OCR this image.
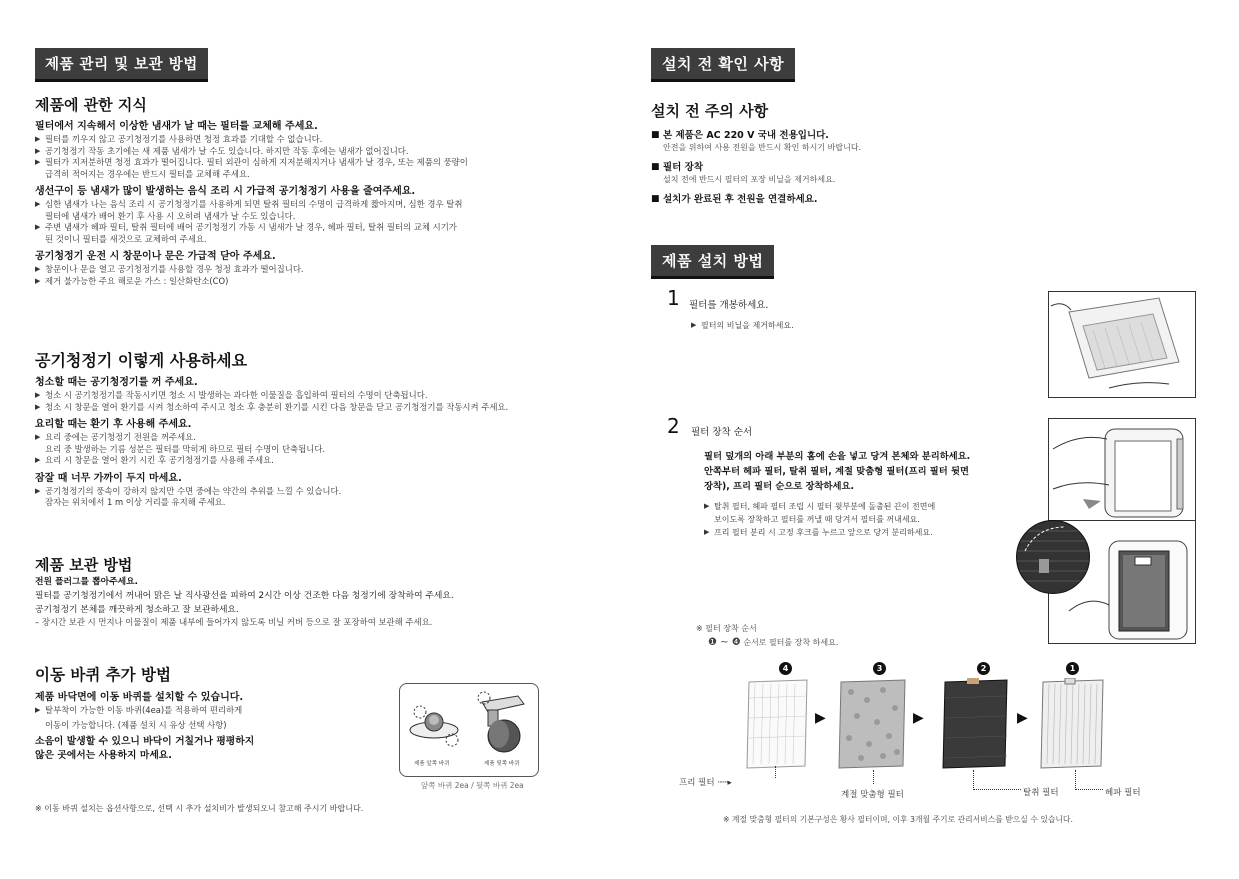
제품 관리 및 보관 방법
제품에 관한 지식
필터에서 지속해서 이상한 냄새가 날 때는 필터를 교체해 주세요.
▶ 필터를 끼우지 않고 공기청정기를 사용하면 청정 효과를 기대할 수 없습니다.
▶ 공기청정기 작동 초기에는 새 제품 냄새가 날 수도 있습니다. 하지만 작동 후에는 냄새가 없어집니다.
▶ 필터가 지저분하면 청정 효과가 떨어집니다. 필터 외관이 심하게 지저분해지거나 냄새가 날 경우, 또는 제품의 풍량이
급격히 적어지는 경우에는 반드시 필터를 교체해 주세요.
생선구이 등 냄새가 많이 발생하는 음식 조리 시 가급적 공기청정기 사용을 줄여주세요.
▶ 심한 냄새가 나는 음식 조리 시 공기청정기를 사용하게 되면 탈취 필터의 수명이 급격하게 짧아지며, 심한 경우 탈취
필터에 냄새가 배어 환기 후 사용 시 오히려 냄새가 날 수도 있습니다.
▶ 주변 냄새가 헤파 필터, 탈취 필터에 배어 공기청정기 가동 시 냄새가 날 경우, 헤파 필터, 탈취 필터의 교체 시기가
된 것이니 필터를 새것으로 교체하여 주세요.
공기청정기 운전 시 창문이나 문은 가급적 닫아 주세요.
▶ 창문이나 문을 열고 공기청정기를 사용할 경우 청정 효과가 떨어집니다.
▶ 제거 불가능한 주요 해로운 가스 : 일산화탄소(CO)
공기청정기 이렇게 사용하세요
청소할 때는 공기청정기를 꺼 주세요.
▶ 청소 시 공기청정기를 작동시키면 청소 시 발생하는 과다한 이물질을 흡입하여 필터의 수명이 단축됩니다.
▶ 청소 시 창문을 열어 환기를 시켜 청소하여 주시고 청소 후 충분히 환기를 시킨 다음 창문을 닫고 공기청정기를 작동시켜 주세요.
요리할 때는 환기 후 사용해 주세요.
▶ 요리 중에는 공기청정기 전원을 꺼주세요.
요리 중 발생하는 기름 성분은 필터를 막히게 하므로 필터 수명이 단축됩니다.
▶ 요리 시 창문을 열어 환기 시킨 후 공기청정기를 사용해 주세요.
잠잘 때 너무 가까이 두지 마세요.
▶ 공기청정기의 풍속이 강하지 않지만 수면 중에는 약간의 추위를 느낄 수 있습니다.
잠자는 위치에서 1 m 이상 거리를 유지해 주세요.
제품 보관 방법
전원 플러그를 뽑아주세요.
필터를 공기청정기에서 꺼내어 맑은 날 직사광선을 피하여 2시간 이상 건조한 다음 청정기에 장착하여 주세요.
공기청정기 본체를 깨끗하게 청소하고 잘 보관하세요.
– 장시간 보관 시 먼지나 이물질이 제품 내부에 들어가지 않도록 비닐 커버 등으로 잘 포장하여 보관해 주세요.
이동 바퀴 추가 방법
제품 바닥면에 이동 바퀴를 설치할 수 있습니다.
▶ 탈부착이 가능한 이동 바퀴(4ea)를 적용하여 편리하게
이동이 가능합니다. (제품 설치 시 유상 선택 사항)
소음이 발생할 수 있으니 바닥이 거칠거나 평평하지
않은 곳에서는 사용하지 마세요.
제품 앞쪽 바퀴	제품 뒷쪽 바퀴
앞쪽 바퀴 2ea / 뒷쪽 바퀴 2ea
※ 이동 바퀴 설치는 옵션사항으로, 선택 시 추가 설치비가 발생되오니 참고해 주시기 바랍니다.
설치 전 확인 사항
설치 전 주의 사항
■ 본 제품은 AC 220 V 국내 전용입니다.
안전을 위하여 사용 전원을 반드시 확인 하시기 바랍니다.
■ 필터 장착
설치 전에 반드시 필터의 포장 비닐을 제거하세요.
■ 설치가 완료된 후 전원을 연결하세요.
제품 설치 방법
1 필터를 개봉하세요.
▶ 필터의 비닐을 제거하세요.
2 필터 장착 순서
필터 덮개의 아래 부분의 홈에 손을 넣고 당겨 본체와 분리하세요.
안쪽부터 헤파 필터, 탈취 필터, 계절 맞춤형 필터(프리 필터 뒷면
장착), 프리 필터 순으로 장착하세요.
▶ 탈취 필터, 헤파 필터 조립 시 필터 윗부분에 돌출된 끈이 전면에
보이도록 장착하고 필터를 꺼낼 때 당겨서 필터를 꺼내세요.
▶ 프리 필터 분리 시 고정 후크를 누르고 앞으로 당겨 분리하세요.
※ 필터 장착 순서
❶ ~ ❹ 순서로 필터를 장착 하세요.
4	3	2	1
▶	▶	▶
프리 필터 ······▸
계절 맞춤형 필터	탈취 필터	헤파 필터
※ 계절 맞춤형 필터의 기본구성은 황사 필터이며, 이후 3개월 주기로 관리서비스를 받으실 수 있습니다.
